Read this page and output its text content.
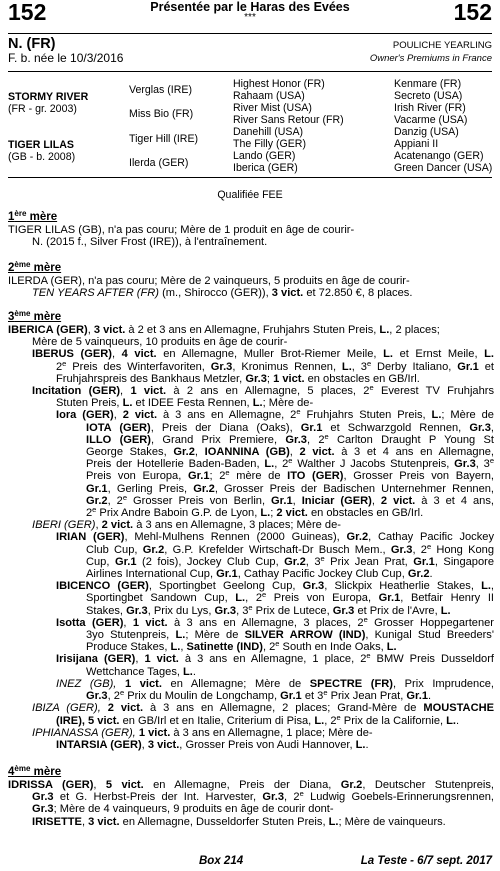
152	152
Présentée par le Haras des Evées
***
N. (FR)
F. b. née le 10/3/2016
POULICHE YEARLING
Owner's Premiums in France
STORMY RIVER
(FR - gr. 2003)
TIGER LILAS
(GB - b. 2008)
Verglas (IRE)
Miss Bio (FR)
Tiger Hill (IRE)
Ilerda (GER)
Highest Honor (FR)
Rahaam (USA)
River Mist (USA)
River Sans Retour (FR)
Danehill (USA)
The Filly (GER)
Lando (GER)
Iberica (GER)
Kenmare (FR)
Secreto (USA)
Irish River (FR)
Vacarme (USA)
Danzig (USA)
Appiani II
Acatenango (GER)
Green Dancer (USA)
Qualifiée FEE
1ère mère
TIGER LILAS (GB), n'a pas couru; Mère de 1 produit en âge de courir-
N. (2015 f., Silver Frost (IRE)), à l'entraînement.
2ème mère
ILERDA (GER), n'a pas couru; Mère de 2 vainqueurs, 5 produits en âge de courir-
TEN YEARS AFTER (FR) (m., Shirocco (GER)), 3 vict. et 72.850 €, 8 places.
3ème mère
IBERICA (GER), 3 vict. à 2 et 3 ans en Allemagne, Fruhjahrs Stuten Preis, L., 2 places;
Mère de 5 vainqueurs, 10 produits en âge de courir-
IBERUS (GER), 4 vict. en Allemagne, Muller Brot-Riemer Meile, L. et Ernst Meile, L.
2e Preis des Winterfavoriten, Gr.3, Kronimus Rennen, L., 3e Derby Italiano, Gr.1 et
Fruhjahrspreis des Bankhaus Metzler, Gr.3; 1 vict. en obstacles en GB/Irl.
Incitation (GER), 1 vict. à 2 ans en Allemagne, 5 places, 2e Everest TV Fruhjahrs
Stuten Preis, L. et IDEE Festa Rennen, L.; Mère de-
Iora (GER), 2 vict. à 3 ans en Allemagne, 2e Fruhjahrs Stuten Preis, L.; Mère de
IOTA (GER), Preis der Diana (Oaks), Gr.1 et Schwarzgold Rennen, Gr.3,
ILLO (GER), Grand Prix Premiere, Gr.3, 2e Carlton Draught P Young St
George Stakes, Gr.2, IOANNINA (GB), 2 vict. à 3 et 4 ans en Allemagne,
Preis der Hotellerie Baden-Baden, L., 2e Walther J Jacobs Stutenpreis, Gr.3, 3e
Preis von Europa, Gr.1; 2e mère de ITO (GER), Grosser Preis von Bayern,
Gr.1, Gerling Preis, Gr.2, Grosser Preis der Badischen Unternehmer Rennen,
Gr.2, 2e Grosser Preis von Berlin, Gr.1, Iniciar (GER), 2 vict. à 3 et 4 ans,
2e Prix Andre Baboin G.P. de Lyon, L.; 2 vict. en obstacles en GB/Irl.
IBERI (GER), 2 vict. à 3 ans en Allemagne, 3 places; Mère de-
IRIAN (GER), Mehl-Mulhens Rennen (2000 Guineas), Gr.2, Cathay Pacific Jockey
Club Cup, Gr.2, G.P. Krefelder Wirtschaft-Dr Busch Mem., Gr.3, 2e Hong Kong
Cup, Gr.1 (2 fois), Jockey Club Cup, Gr.2, 3e Prix Jean Prat, Gr.1, Singapore
Airlines International Cup, Gr.1, Cathay Pacific Jockey Club Cup, Gr.2.
IBICENCO (GER), Sportingbet Geelong Cup, Gr.3, Slickpix Heatherlie Stakes, L.,
Sportingbet Sandown Cup, L., 2e Preis von Europa, Gr.1, Betfair Henry II
Stakes, Gr.3, Prix du Lys, Gr.3, 3e Prix de Lutece, Gr.3 et Prix de l'Avre, L.
Isotta (GER), 1 vict. à 3 ans en Allemagne, 3 places, 2e Grosser Hoppegartener
3yo Stutenpreis, L.; Mère de SILVER ARROW (IND), Kunigal Stud Breeders'
Produce Stakes, L., Satinette (IND), 2e South en Inde Oaks, L.
Irisijana (GER), 1 vict. à 3 ans en Allemagne, 1 place, 2e BMW Preis Dusseldorf
Wettchance Tages, L..
INEZ (GB), 1 vict. en Allemagne; Mère de SPECTRE (FR), Prix Imprudence,
Gr.3, 2e Prix du Moulin de Longchamp, Gr.1 et 3e Prix Jean Prat, Gr.1.
IBIZA (GER), 2 vict. à 3 ans en Allemagne, 2 places; Grand-Mère de MOUSTACHE
(IRE), 5 vict. en GB/Irl et en Italie, Criterium di Pisa, L., 2e Prix de la Californie, L..
IPHIANASSA (GER), 1 vict. à 3 ans en Allemagne, 1 place; Mère de-
INTARSIA (GER), 3 vict., Grosser Preis von Audi Hannover, L..
4ème mère
IDRISSA (GER), 5 vict. en Allemagne, Preis der Diana, Gr.2, Deutscher Stutenpreis,
Gr.3 et G. Herbst-Preis der Int. Harvester, Gr.3, 2e Ludwig Goebels-Erinnerungsrennen,
Gr.3; Mère de 4 vainqueurs, 9 produits en âge de courir dont-
IRISETTE, 3 vict. en Allemagne, Dusseldorfer Stuten Preis, L.; Mère de vainqueurs.
Box 214	La Teste - 6/7 sept. 2017
